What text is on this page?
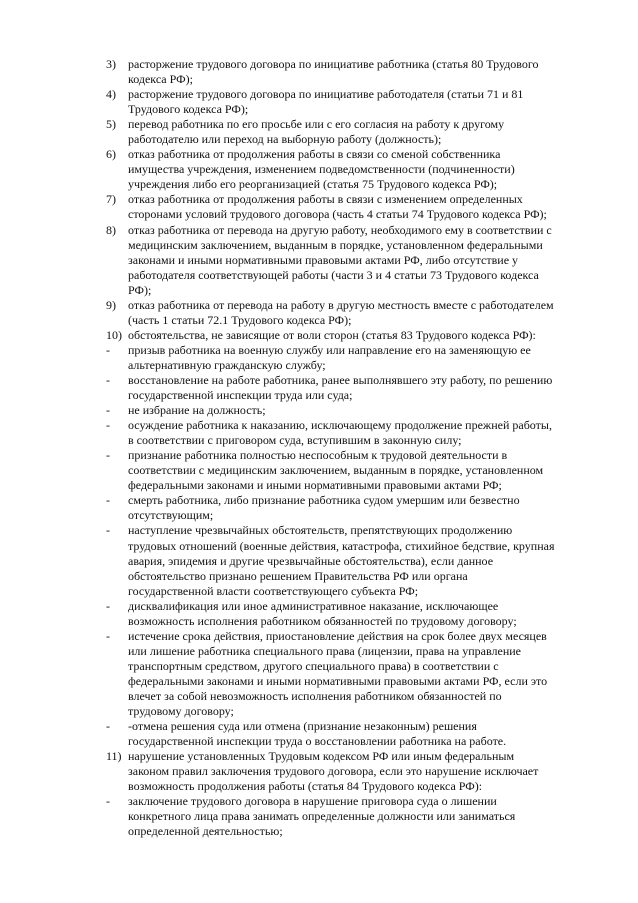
3) расторжение трудового договора по инициативе работника (статья 80 Трудового
кодекса РФ);
4) расторжение трудового договора по инициативе работодателя (статьи 71 и 81
Трудового кодекса РФ);
5) перевод работника по его просьбе или с его согласия на работу к другому
работодателю или переход на выборную работу (должность);
6) отказ работника от продолжения работы в связи со сменой собственника
имущества учреждения, изменением подведомственности (подчиненности)
учреждения либо его реорганизацией (статья 75 Трудового кодекса РФ);
7) отказ работника от продолжения работы в связи с изменением определенных
сторонами условий трудового договора (часть 4 статьи 74 Трудового кодекса РФ);
8) отказ работника от перевода на другую работу, необходимого ему в соответствии с
медицинским заключением, выданным в порядке, установленном федеральными
законами и иными нормативными правовыми актами РФ, либо отсутствие у
работодателя соответствующей работы (части 3 и 4 статьи 73 Трудового кодекса
РФ);
9) отказ работника от перевода на работу в другую местность вместе с работодателем
(часть 1 статьи 72.1 Трудового кодекса РФ);
10) обстоятельства, не зависящие от воли сторон (статья 83 Трудового кодекса РФ):
- призыв работника на военную службу или направление его на заменяющую ее
альтернативную гражданскую службу;
- восстановление на работе работника, ранее выполнявшего эту работу, по решению
государственной инспекции труда или суда;
- не избрание на должность;
- осуждение работника к наказанию, исключающему продолжение прежней работы,
в соответствии с приговором суда, вступившим в законную силу;
- признание работника полностью неспособным к трудовой деятельности в
соответствии с медицинским заключением, выданным в порядке, установленном
федеральными законами и иными нормативными правовыми актами РФ;
- смерть работника, либо признание работника судом умершим или безвестно
отсутствующим;
- наступление чрезвычайных обстоятельств, препятствующих продолжению
трудовых отношений (военные действия, катастрофа, стихийное бедствие, крупная
авария, эпидемия и другие чрезвычайные обстоятельства), если данное
обстоятельство признано решением Правительства РФ или органа
государственной власти соответствующего субъекта РФ;
- дисквалификация или иное административное наказание, исключающее
возможность исполнения работником обязанностей по трудовому договору;
- истечение срока действия, приостановление действия на срок более двух месяцев
или лишение работника специального права (лицензии, права на управление
транспортным средством, другого специального права) в соответствии с
федеральными законами и иными нормативными правовыми актами РФ, если это
влечет за собой невозможность исполнения работником обязанностей по
трудовому договору;
- -отмена решения суда или отмена (признание незаконным) решения
государственной инспекции труда о восстановлении работника на работе.
11) нарушение установленных Трудовым кодексом РФ или иным федеральным
законом правил заключения трудового договора, если это нарушение исключает
возможность продолжения работы (статья 84 Трудового кодекса РФ):
- заключение трудового договора в нарушение приговора суда о лишении
конкретного лица права занимать определенные должности или заниматься
определенной деятельностью;
